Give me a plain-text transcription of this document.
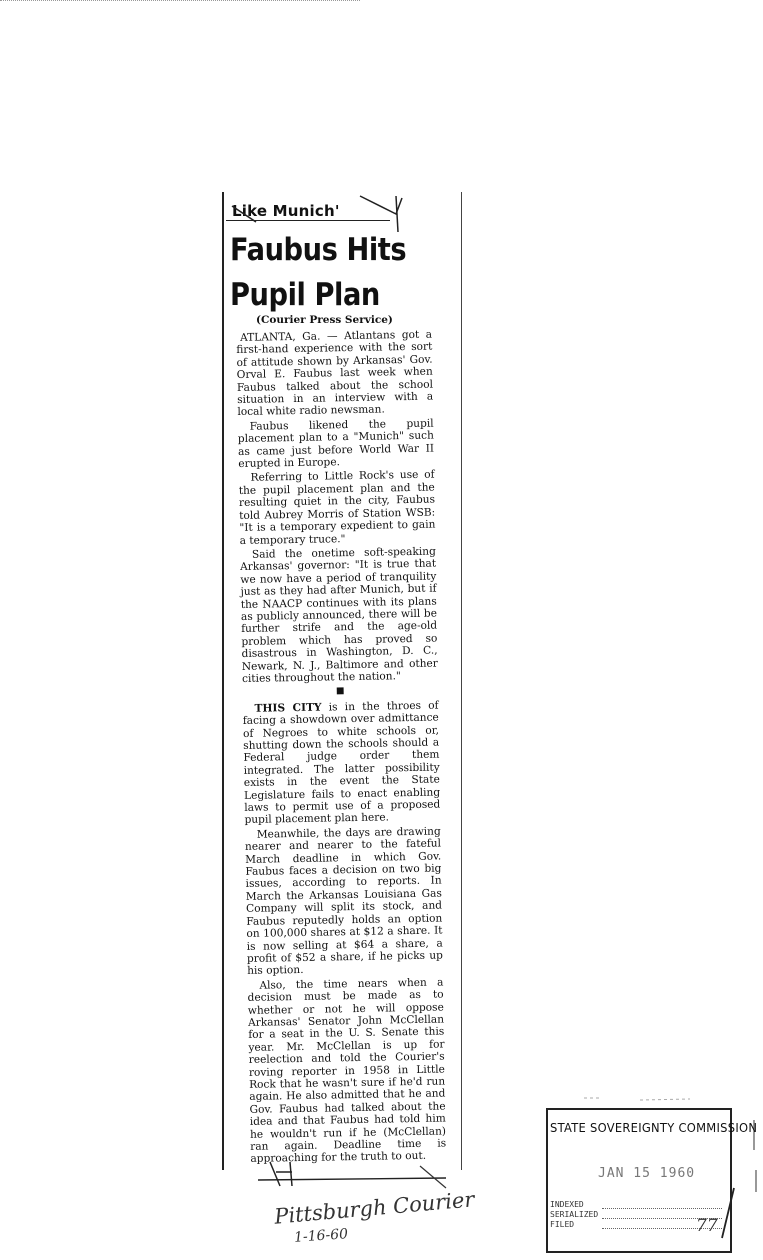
Like Munich'
Faubus Hits
Pupil Plan
(Courier Press Service)

ATLANTA, Ga. — Atlantans got a first-hand experience with the sort of attitude shown by Arkansas' Gov. Orval E. Faubus last week when Faubus talked about the school situation in an interview with a local white radio newsman.

Faubus likened the pupil placement plan to a "Munich" such as came just before World War II erupted in Europe.

Referring to Little Rock's use of the pupil placement plan and the resulting quiet in the city, Faubus told Aubrey Morris of Station WSB: "It is a temporary expedient to gain a temporary truce."

Said the onetime soft-speaking Arkansas' governor: "It is true that we now have a period of tranquility just as they had after Munich, but if the NAACP continues with its plans as publicly announced, there will be further strife and the age-old problem which has proved so disastrous in Washington, D. C., Newark, N. J., Baltimore and other cities throughout the nation."

■

THIS CITY is in the throes of facing a showdown over admittance of Negroes to white schools or, shutting down the schools should a Federal judge order them integrated. The latter possibility exists in the event the State Legislature fails to enact enabling laws to permit use of a proposed pupil placement plan here.

Meanwhile, the days are drawing nearer and nearer to the fateful March deadline in which Gov. Faubus faces a decision on two big issues, according to reports. In March the Arkansas Louisiana Gas Company will split its stock, and Faubus reputedly holds an option on 100,000 shares at $12 a share. It is now selling at $64 a share, a profit of $52 a share, if he picks up his option.

Also, the time nears when a decision must be made as to whether or not he will oppose Arkansas' Senator John McClellan for a seat in the U. S. Senate this year. Mr. McClellan is up for reelection and told the Courier's roving reporter in 1958 in Little Rock that he wasn't sure if he'd run again. He also admitted that he and Gov. Faubus had talked about the idea and that Faubus had told him he wouldn't run if he (McClellan) ran again. Deadline time is approaching for the truth to out.

Pittsburgh Courier
1-16-60
STATE SOVEREIGNTY COMMISSION
JAN 15 1960
INDEXED
SERIALIZED
FILED	77
